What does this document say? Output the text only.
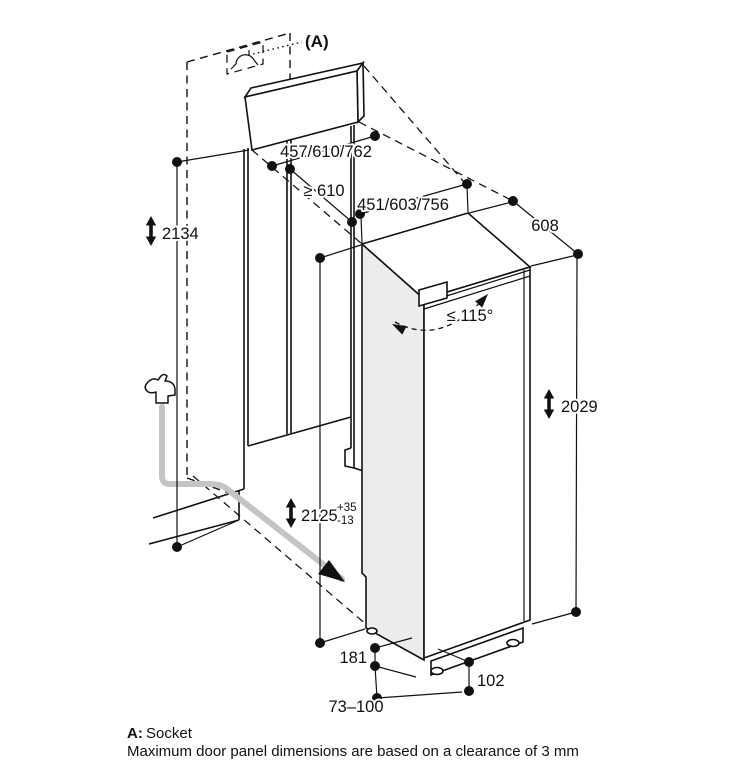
(A)
≤ 115°
457/610/762
≥ 610
451/603/756
608
2134
2029
2125 +35
-13
181
73–100
102
A: Socket
Maximum door panel dimensions are based on a clearance of 3 mm
